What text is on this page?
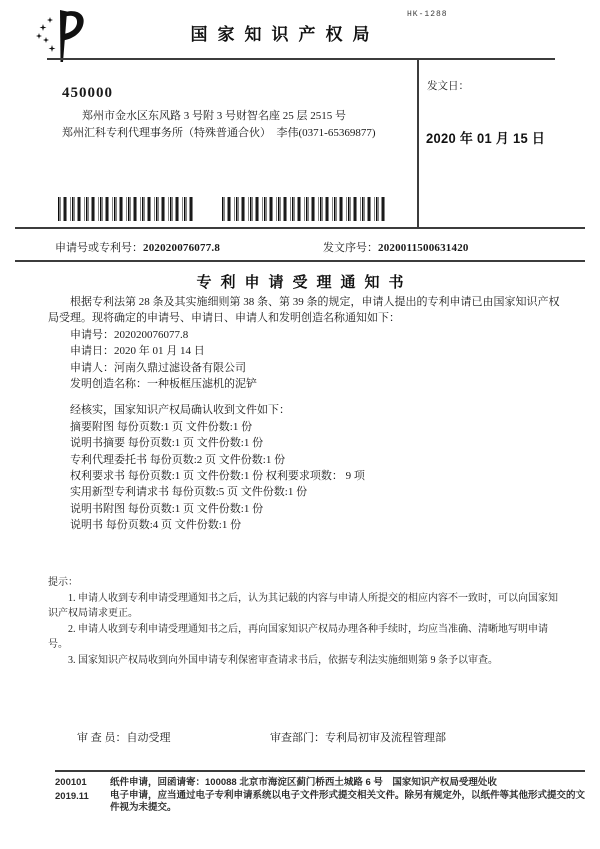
HK-1288
国家知识产权局
450000
郑州市金水区东风路 3 号附 3 号财智名座 25 层 2515 号
郑州汇科专利代理事务所（特殊普通合伙）　李伟(0371-65369877)
发文日：
2020 年 01 月 15 日
申请号或专利号：202020076077.8	发文序号：2020011500631420
专利申请受理通知书

根据专利法第 28 条及其实施细则第 38 条、第 39 条的规定，申请人提出的专利申请已由国家知识产权局受理。现将确定的申请号、申请日、申请人和发明创造名称通知如下：

申请号：202020076077.8

申请日：2020 年 01 月 14 日

申请人：河南久鼎过滤设备有限公司

发明创造名称：一种板框压滤机的泥铲

经核实，国家知识产权局确认收到文件如下：

摘要附图 每份页数:1 页 文件份数:1 份

说明书摘要 每份页数:1 页 文件份数:1 份

专利代理委托书 每份页数:2 页 文件份数:1 份

权利要求书 每份页数:1 页 文件份数:1 份 权利要求项数： 9 项

实用新型专利请求书 每份页数:5 页 文件份数:1 份

说明书附图 每份页数:1 页 文件份数:1 份

说明书 每份页数:4 页 文件份数:1 份

提示：

1. 申请人收到专利申请受理通知书之后，认为其记载的内容与申请人所提交的相应内容不一致时，可以向国家知识产权局请求更正。

2. 申请人收到专利申请受理通知书之后，再向国家知识产权局办理各种手续时，均应当准确、清晰地写明申请号。

3. 国家知识产权局收到向外国申请专利保密审查请求书后，依据专利法实施细则第 9 条予以审查。

审 查 员：自动受理	审查部门：专利局初审及流程管理部
200101
2019.11

纸件申请，回函请寄：100088 北京市海淀区蓟门桥西土城路 6 号　国家知识产权局受理处收

电子申请，应当通过电子专利申请系统以电子文件形式提交相关文件。除另有规定外，以纸件等其他形式提交的文件视为未提交。
